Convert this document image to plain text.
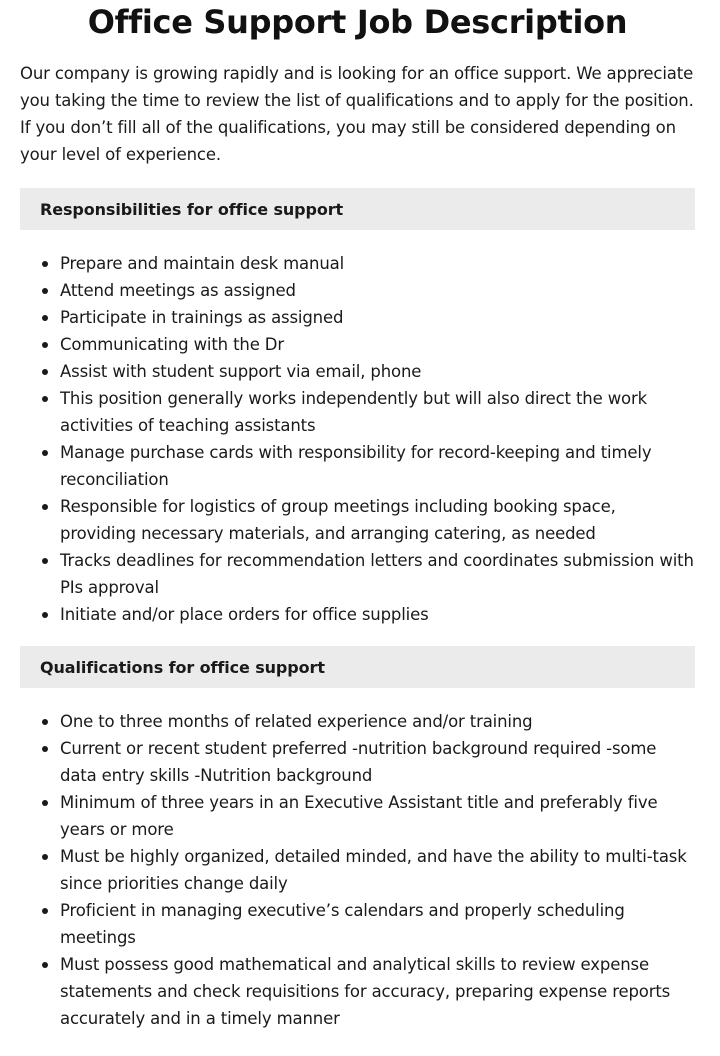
Office Support Job Description

Our company is growing rapidly and is looking for an office support. We appreciate you taking the time to review the list of qualifications and to apply for the position. If you don’t fill all of the qualifications, you may still be considered depending on your level of experience.

Responsibilities for office support
Prepare and maintain desk manual
Attend meetings as assigned
Participate in trainings as assigned
Communicating with the Dr
Assist with student support via email, phone
This position generally works independently but will also direct the work activities of teaching assistants
Manage purchase cards with responsibility for record-keeping and timely reconciliation
Responsible for logistics of group meetings including booking space, providing necessary materials, and arranging catering, as needed
Tracks deadlines for recommendation letters and coordinates submission with PIs approval
Initiate and/or place orders for office supplies
Qualifications for office support
One to three months of related experience and/or training
Current or recent student preferred -nutrition background required -some data entry skills -Nutrition background
Minimum of three years in an Executive Assistant title and preferably five years or more
Must be highly organized, detailed minded, and have the ability to multi-task since priorities change daily
Proficient in managing executive’s calendars and properly scheduling meetings
Must possess good mathematical and analytical skills to review expense statements and check requisitions for accuracy, preparing expense reports accurately and in a timely manner
